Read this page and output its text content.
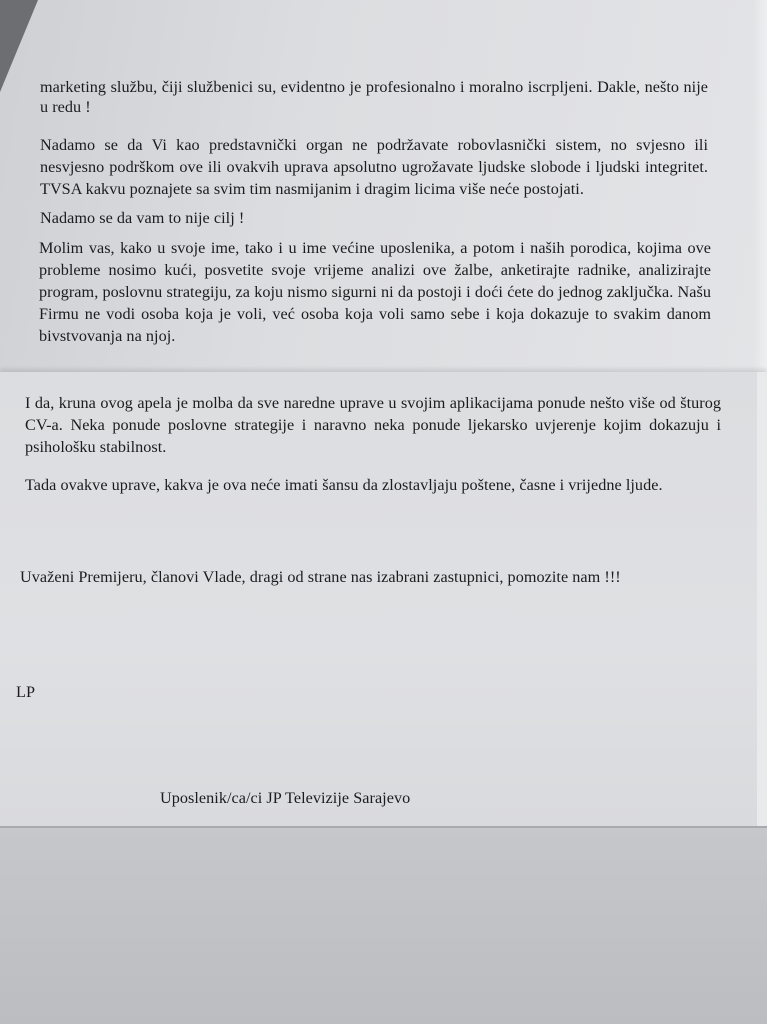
marketing službu, čiji službenici su, evidentno je profesionalno i moralno iscrpljeni. Dakle, nešto nije u redu !

Nadamo se da Vi kao predstavnički organ ne podržavate robovlasnički sistem, no svjesno ili nesvjesno podrškom ove ili ovakvih uprava apsolutno ugrožavate ljudske slobode i ljudski integritet. TVSA kakvu poznajete sa svim tim nasmijanim i dragim licima više neće postojati.

Nadamo se da vam to nije cilj !

Molim vas, kako u svoje ime, tako i u ime većine uposlenika, a potom i naših porodica, kojima ove probleme nosimo kući, posvetite svoje vrijeme analizi ove žalbe, anketirajte radnike, analizirajte program, poslovnu strategiju, za koju nismo sigurni ni da postoji i doći ćete do jednog zaključka. Našu Firmu ne vodi osoba koja je voli, već osoba koja voli samo sebe i koja dokazuje to svakim danom bivstvovanja na njoj.

I da, kruna ovog apela je molba da sve naredne uprave u svojim aplikacijama ponude nešto više od šturog CV-a. Neka ponude poslovne strategije i naravno neka ponude ljekarsko uvjerenje kojim dokazuju i psihološku stabilnost.

Tada ovakve uprave, kakva je ova neće imati šansu da zlostavljaju poštene, časne i vrijedne ljude.

Uvaženi Premijeru, članovi Vlade, dragi od strane nas izabrani zastupnici, pomozite nam !!!

LP

Uposlenik/ca/ci JP Televizije Sarajevo
